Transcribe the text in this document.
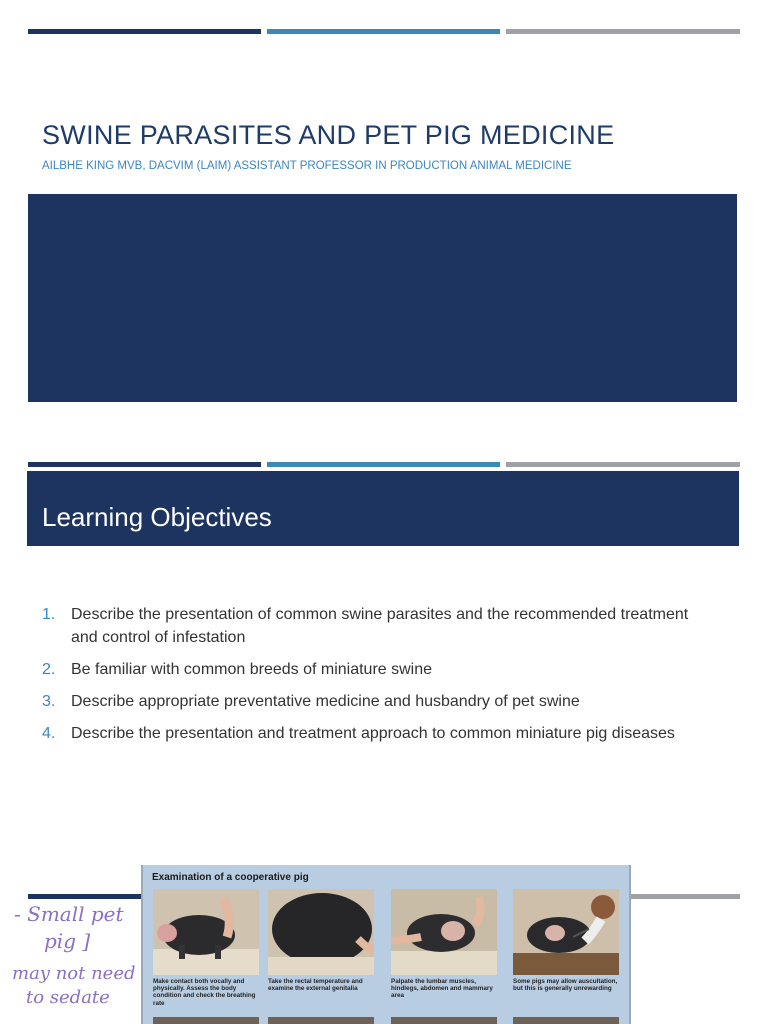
SWINE PARASITES AND PET PIG MEDICINE

AILBHE KING MVB, DACVIM (LAIM) ASSISTANT PROFESSOR IN PRODUCTION ANIMAL MEDICINE

Learning Objectives
1. Describe the presentation of common swine parasites and the recommended treatment and control of infestation
2. Be familiar with common breeds of miniature swine
3. Describe appropriate preventative medicine and husbandry of pet swine
4. Describe the presentation and treatment approach to common miniature pig diseases

Examination of a cooperative pig

Make contact both vocally and physically. Assess the body condition and check the breathing rate

Take the rectal temperature and examine the external genitalia

Palpate the lumbar muscles, hindlegs, abdomen and mammary area

Some pigs may allow auscultation, but this is generally unrewarding

- Small pet
pig ]
may not need
to sedate
